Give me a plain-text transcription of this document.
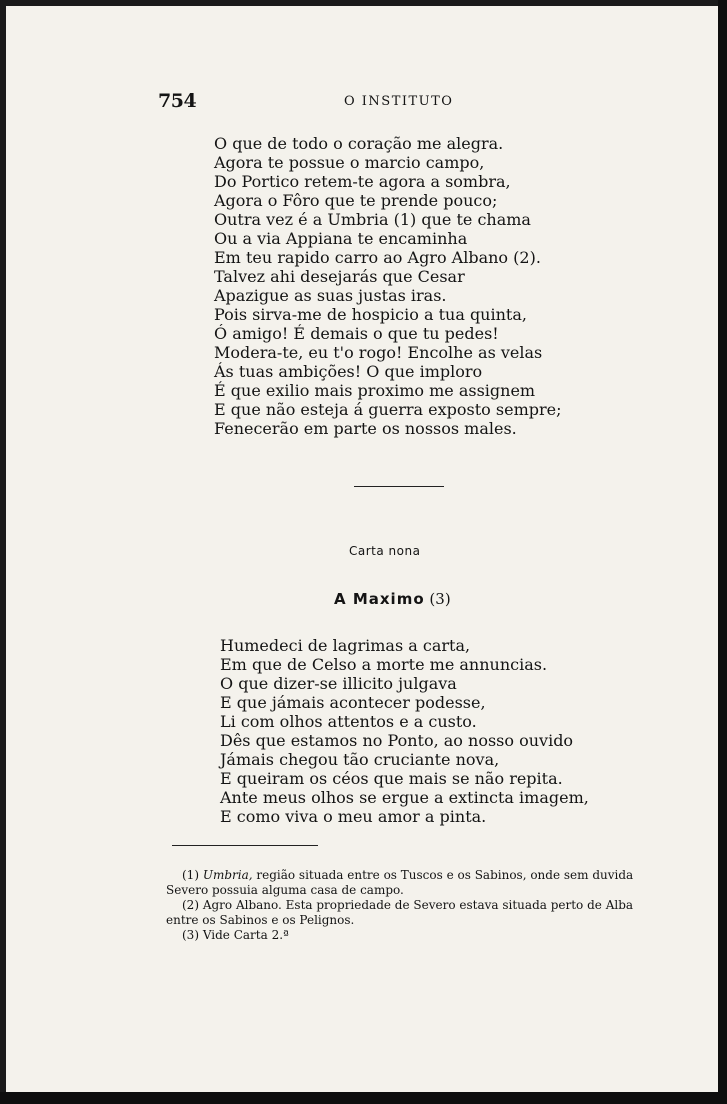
754	O INSTITUTO
O que de todo o coração me alegra.
Agora te possue o marcio campo,
Do Portico retem-te agora a sombra,
Agora o Fôro que te prende pouco;
Outra vez é a Umbria (1) que te chama
Ou a via Appiana te encaminha
Em teu rapido carro ao Agro Albano (2).
Talvez ahi desejarás que Cesar
Apazigue as suas justas iras.
Pois sirva-me de hospicio a tua quinta,
Ó amigo! É demais o que tu pedes!
Modera-te, eu t'o rogo! Encolhe as velas
Ás tuas ambições! O que imploro
É que exilio mais proximo me assignem
E que não esteja á guerra exposto sempre;
Fenecerão em parte os nossos males.
Carta nona
A Maximo (3)
Humedeci de lagrimas a carta,
Em que de Celso a morte me annuncias.
O que dizer-se illicito julgava
E que jámais acontecer podesse,
Li com olhos attentos e a custo.
Dês que estamos no Ponto, ao nosso ouvido
Jámais chegou tão cruciante nova,
E queiram os céos que mais se não repita.
Ante meus olhos se ergue a extincta imagem,
E como viva o meu amor a pinta.
(1) Umbria, região situada entre os Tuscos e os Sabinos, onde sem duvida Severo possuia alguma casa de campo.
(2) Agro Albano. Esta propriedade de Severo estava situada perto de Alba entre os Sabinos e os Pelignos.
(3) Vide Carta 2.ª
